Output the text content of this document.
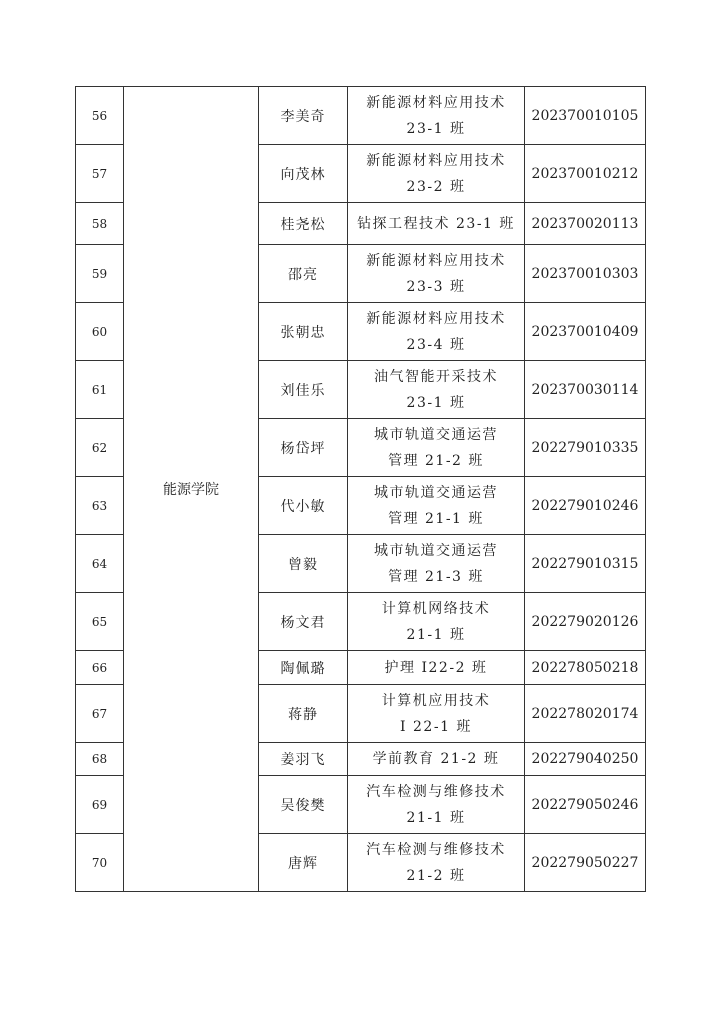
56	能源学院	李美奇	新能源材料应用技术
23-1 班	202370010105
57		向茂林	新能源材料应用技术
23-2 班	202370010212
58		桂尧松	钻探工程技术 23-1 班	202370020113
59		邵亮	新能源材料应用技术
23-3 班	202370010303
60		张朝忠	新能源材料应用技术
23-4 班	202370010409
61		刘佳乐	油气智能开采技术
23-1 班	202370030114
62		杨岱坪	城市轨道交通运营
管理 21-2 班	202279010335
63		代小敏	城市轨道交通运营
管理 21-1 班	202279010246
64		曾毅	城市轨道交通运营
管理 21-3 班	202279010315
65		杨文君	计算机网络技术
21-1 班	202279020126
66		陶佩璐	护理 I22-2 班	202278050218
67		蒋静	计算机应用技术
I 22-1 班	202278020174
68		姜羽飞	学前教育 21-2 班	202279040250
69		吴俊樊	汽车检测与维修技术
21-1 班	202279050246
70		唐辉	汽车检测与维修技术
21-2 班	202279050227
